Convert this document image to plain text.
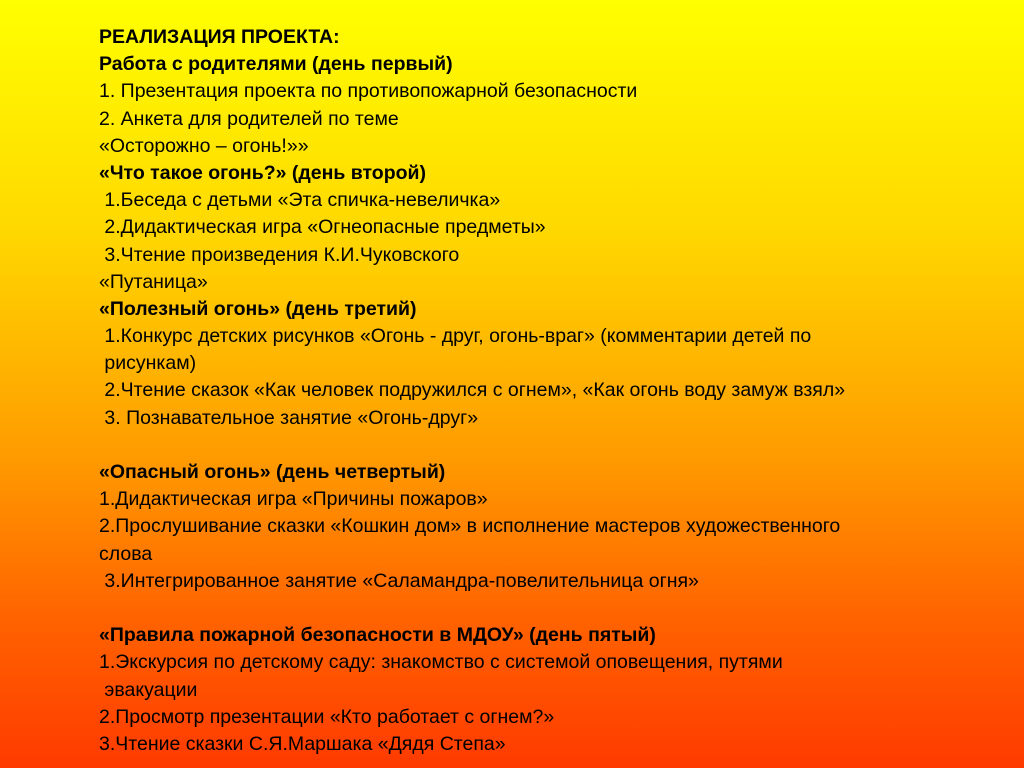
РЕАЛИЗАЦИЯ ПРОЕКТА:
Работа с родителями (день первый)
1. Презентация проекта по противопожарной безопасности
2. Анкета для родителей по теме
«Осторожно – огонь!»»
«Что такое огонь?» (день второй)
1.Беседа с детьми «Эта спичка-невеличка»
2.Дидактическая игра «Огнеопасные предметы»
3.Чтение произведения К.И.Чуковского
«Путаница»
«Полезный огонь» (день третий)
1.Конкурс детских рисунков «Огонь - друг, огонь-враг» (комментарии детей по
рисункам)
2.Чтение сказок «Как человек подружился с огнем», «Как огонь воду замуж взял»
3. Познавательное занятие «Огонь-друг»
«Опасный огонь» (день четвертый)
1.Дидактическая игра «Причины пожаров»
2.Прослушивание сказки «Кошкин дом» в исполнение мастеров художественного
слова
3.Интегрированное занятие «Саламандра-повелительница огня»
«Правила пожарной безопасности в МДОУ» (день пятый)
1.Экскурсия по детскому саду: знакомство с системой оповещения, путями
эвакуации
2.Просмотр презентации «Кто работает с огнем?»
3.Чтение сказки С.Я.Маршака «Дядя Степа»
